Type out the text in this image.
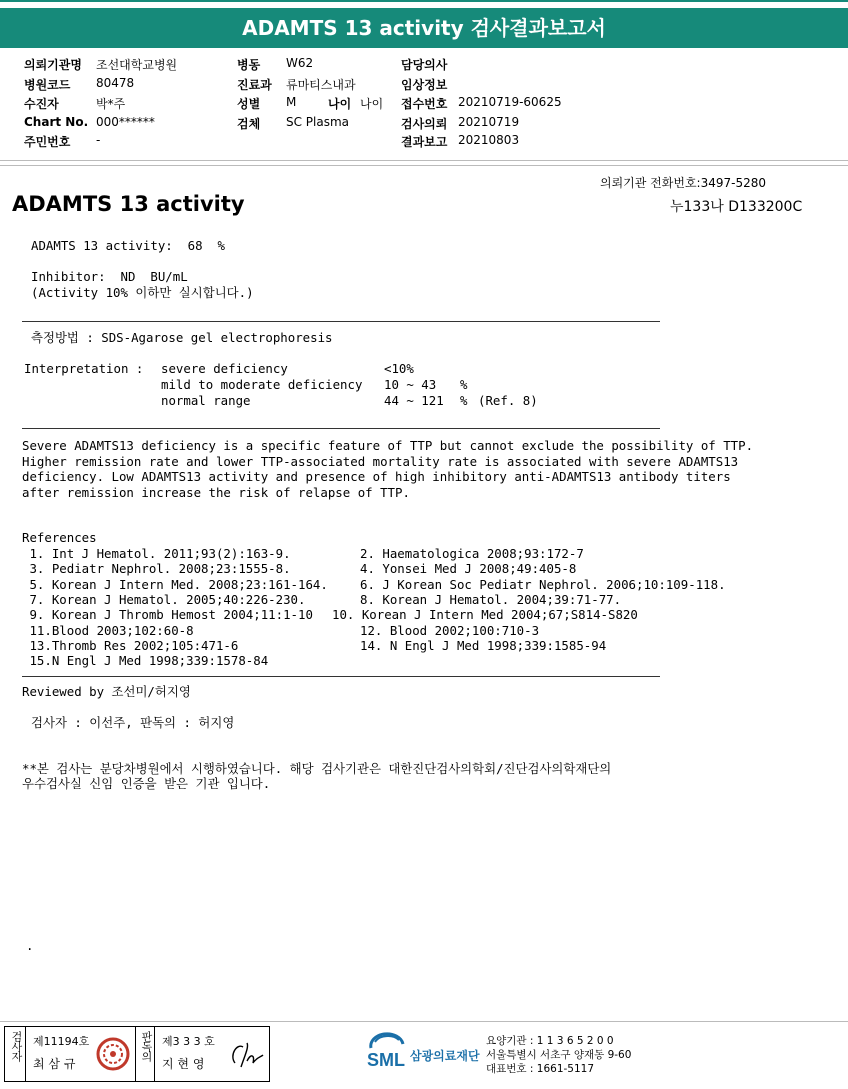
ADAMTS 13 activity 검사결과보고서
의뢰기관명 조선대학교병원
병원코드 80478
수진자	박*주
Chart No. 000******
주민번호 -
병동 W62
진료과 류마티스내과
성별 M	나이 나이
검체 SC Plasma
담당의사
임상정보
접수번호 20210719-60625
검사의뢰 20210719
결과보고 20210803
의뢰기관 전화번호:3497-5280
ADAMTS 13 activity	누133나 D133200C
ADAMTS 13 activity:  68  %
Inhibitor:  ND  BU/mL
(Activity 10% 이하만 실시합니다.)
측정방법 : SDS-Agarose gel electrophoresis
Interpretation : severe deficiency	<10%
mild to moderate deficiency 10 ~ 43 %
normal range	44 ~ 121 % (Ref. 8)
Severe ADAMTS13 deficiency is a specific feature of TTP but cannot exclude the possibility of TTP.
Higher remission rate and lower TTP-associated mortality rate is associated with severe ADAMTS13
deficiency. Low ADAMTS13 activity and presence of high inhibitory anti-ADAMTS13 antibody titers
after remission increase the risk of relapse of TTP.
References
1. Int J Hematol. 2011;93(2):163-9.	2. Haematologica 2008;93:172-7
3. Pediatr Nephrol. 2008;23:1555-8.	4. Yonsei Med J 2008;49:405-8
5. Korean J Intern Med. 2008;23:161-164.	6. J Korean Soc Pediatr Nephrol. 2006;10:109-118.
7. Korean J Hematol. 2005;40:226-230.	8. Korean J Hematol. 2004;39:71-77.
9. Korean J Thromb Hemost 2004;11:1-10 10. Korean J Intern Med 2004;67;S814-S820
11.Blood 2003;102:60-8	12. Blood 2002;100:710-3
13.Thromb Res 2002;105:471-6	14. N Engl J Med 1998;339:1585-94
15.N Engl J Med 1998;339:1578-84
Reviewed by 조선미/허지영
검사자 : 이선주, 판독의 : 허지영
**본 검사는 분당차병원에서 시행하였습니다. 해당 검사기관은 대한진단검사의학회/진단검사의학재단의
우수검사실 신임 인증을 받은 기관 입니다.
.
검사자 제11194호
최 삼 규
판독의 제3 3 3 호
지 현 영	SML 삼광의료재단
요양기관 : 1 1 3 6 5 2 0 0
서울특별시 서초구 양재동 9-60
대표번호 : 1661-5117
